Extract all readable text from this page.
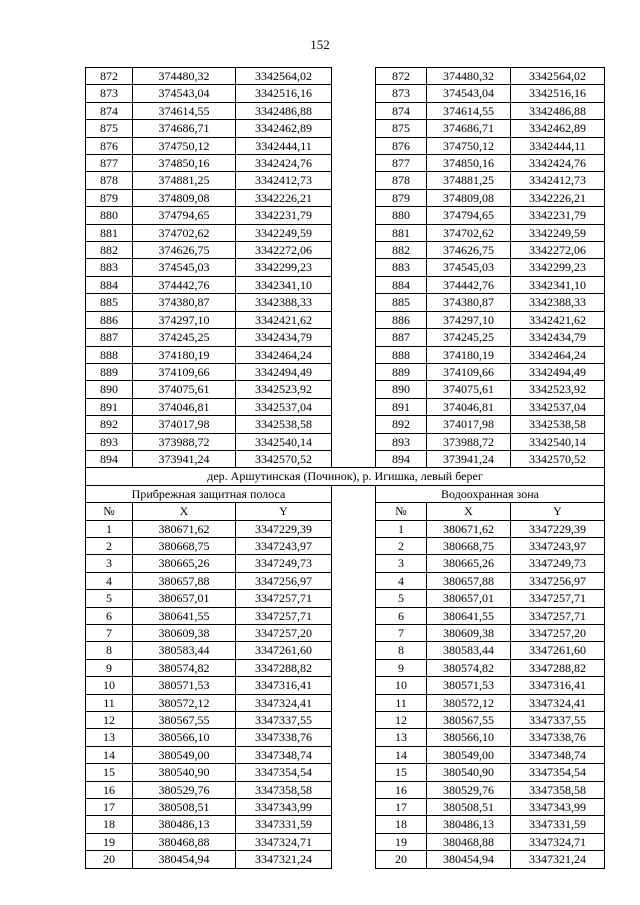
152
872	374480,32	3342564,02		872	374480,32	3342564,02
873	374543,04	3342516,16		873	374543,04	3342516,16
874	374614,55	3342486,88		874	374614,55	3342486,88
875	374686,71	3342462,89		875	374686,71	3342462,89
876	374750,12	3342444,11		876	374750,12	3342444,11
877	374850,16	3342424,76		877	374850,16	3342424,76
878	374881,25	3342412,73		878	374881,25	3342412,73
879	374809,08	3342226,21		879	374809,08	3342226,21
880	374794,65	3342231,79		880	374794,65	3342231,79
881	374702,62	3342249,59		881	374702,62	3342249,59
882	374626,75	3342272,06		882	374626,75	3342272,06
883	374545,03	3342299,23		883	374545,03	3342299,23
884	374442,76	3342341,10		884	374442,76	3342341,10
885	374380,87	3342388,33		885	374380,87	3342388,33
886	374297,10	3342421,62		886	374297,10	3342421,62
887	374245,25	3342434,79		887	374245,25	3342434,79
888	374180,19	3342464,24		888	374180,19	3342464,24
889	374109,66	3342494,49		889	374109,66	3342494,49
890	374075,61	3342523,92		890	374075,61	3342523,92
891	374046,81	3342537,04		891	374046,81	3342537,04
892	374017,98	3342538,58		892	374017,98	3342538,58
893	373988,72	3342540,14		893	373988,72	3342540,14
894	373941,24	3342570,52		894	373941,24	3342570,52
дер. Аршутинская (Починок), р. Игишка, левый берег						
Прибрежная защитная полоса				Водоохранная зона		
№	X	Y		№	X	Y
1	380671,62	3347229,39		1	380671,62	3347229,39
2	380668,75	3347243,97		2	380668,75	3347243,97
3	380665,26	3347249,73		3	380665,26	3347249,73
4	380657,88	3347256,97		4	380657,88	3347256,97
5	380657,01	3347257,71		5	380657,01	3347257,71
6	380641,55	3347257,71		6	380641,55	3347257,71
7	380609,38	3347257,20		7	380609,38	3347257,20
8	380583,44	3347261,60		8	380583,44	3347261,60
9	380574,82	3347288,82		9	380574,82	3347288,82
10	380571,53	3347316,41		10	380571,53	3347316,41
11	380572,12	3347324,41		11	380572,12	3347324,41
12	380567,55	3347337,55		12	380567,55	3347337,55
13	380566,10	3347338,76		13	380566,10	3347338,76
14	380549,00	3347348,74		14	380549,00	3347348,74
15	380540,90	3347354,54		15	380540,90	3347354,54
16	380529,76	3347358,58		16	380529,76	3347358,58
17	380508,51	3347343,99		17	380508,51	3347343,99
18	380486,13	3347331,59		18	380486,13	3347331,59
19	380468,88	3347324,71		19	380468,88	3347324,71
20	380454,94	3347321,24		20	380454,94	3347321,24
